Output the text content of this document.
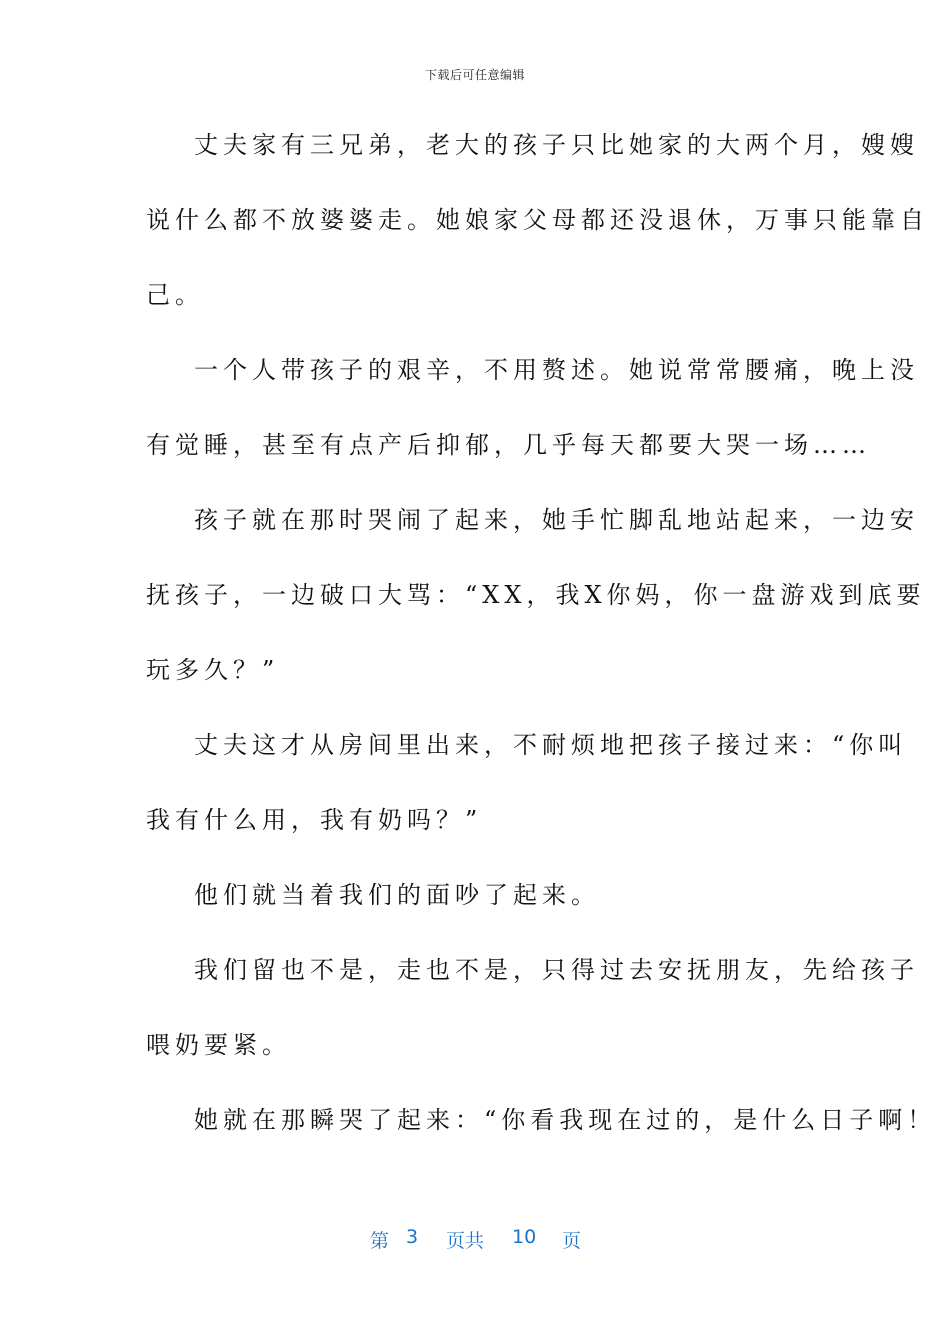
下载后可任意编辑
丈夫家有三兄弟，老大的孩子只比她家的大两个月，嫂嫂
说什么都不放婆婆走。她娘家父母都还没退休，万事只能靠自
己。
一个人带孩子的艰辛，不用赘述。她说常常腰痛，晚上没
有觉睡，甚至有点产后抑郁，几乎每天都要大哭一场……
孩子就在那时哭闹了起来，她手忙脚乱地站起来，一边安
抚孩子，一边破口大骂：“XX，我X你妈，你一盘游戏到底要
玩多久？”
丈夫这才从房间里出来，不耐烦地把孩子接过来：“你叫
我有什么用，我有奶吗？”
他们就当着我们的面吵了起来。
我们留也不是，走也不是，只得过去安抚朋友，先给孩子
喂奶要紧。
她就在那瞬哭了起来：“你看我现在过的，是什么日子啊！
第 3 页共 10 页
